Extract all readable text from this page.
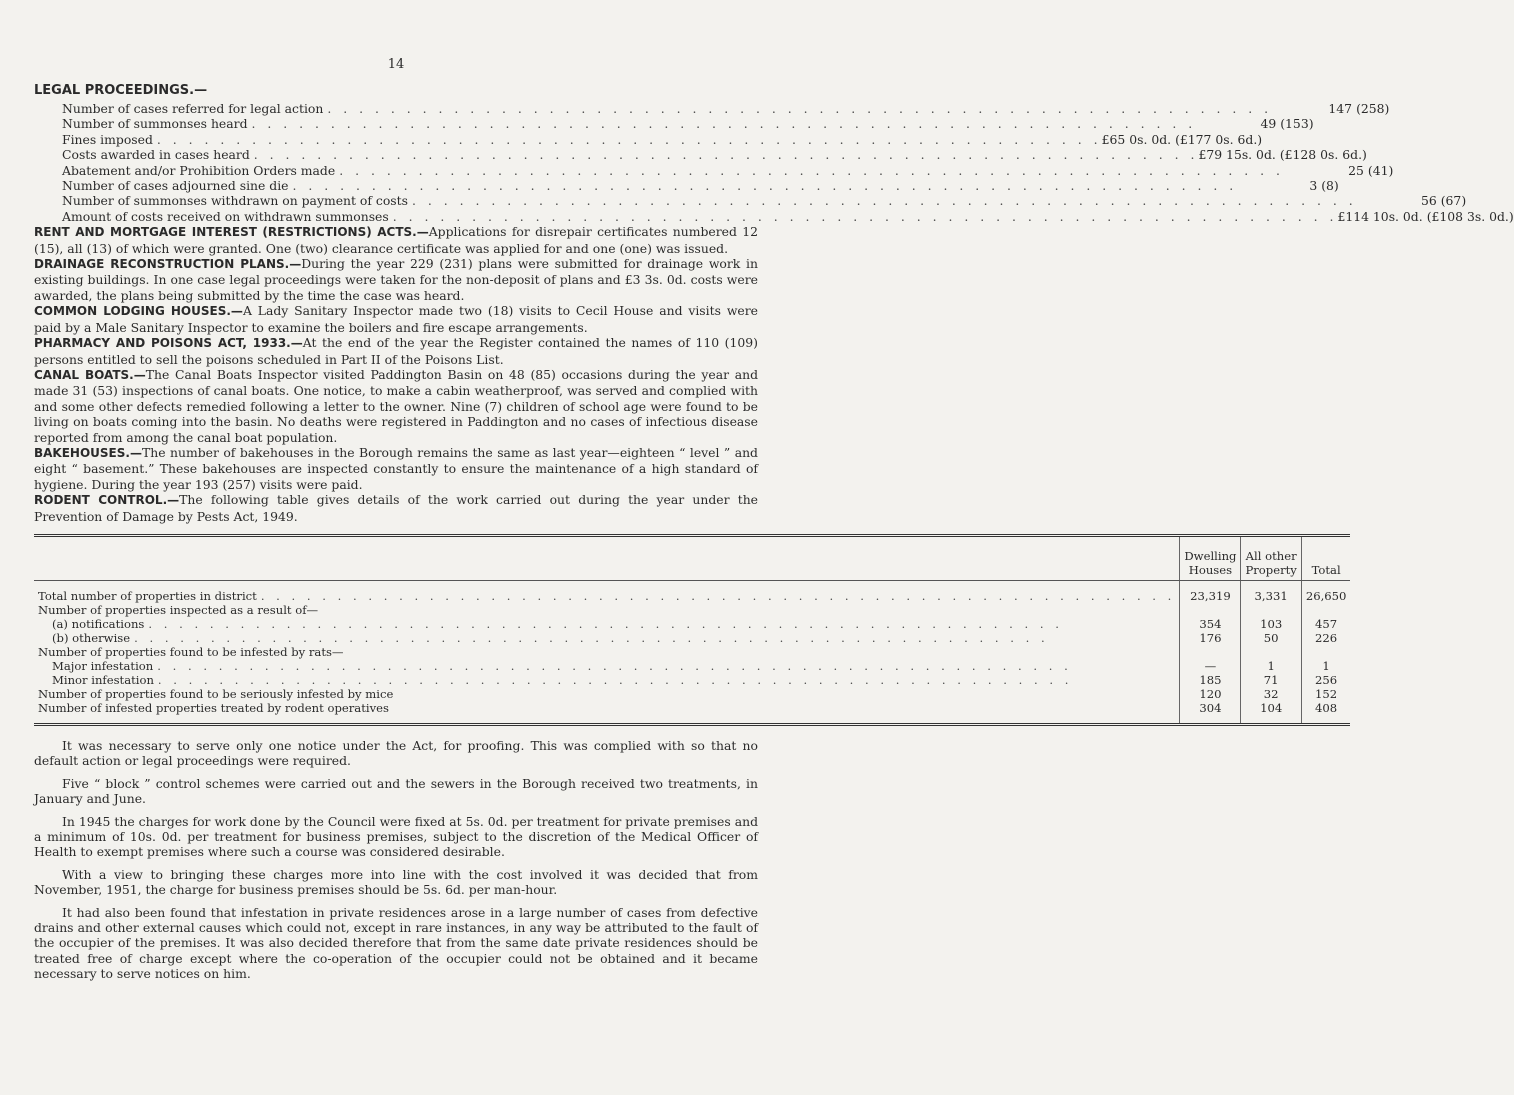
14
LEGAL PROCEEDINGS.—
Number of cases referred for legal action . . . . . . . . . . . . . . . . . . . . . . . . . . . . . . . . . . . . . . . . . . . . . . . . . . . . . . . . . . . .	147 (258)
Number of summonses heard . . . . . . . . . . . . . . . . . . . . . . . . . . . . . . . . . . . . . . . . . . . . . . . . . . . . . . . . . . . .	49 (153)
Fines imposed . . . . . . . . . . . . . . . . . . . . . . . . . . . . . . . . . . . . . . . . . . . . . . . . . . . . . . . . . . . . £65 0s. 0d. (£177 0s. 6d.)
Costs awarded in cases heard . . . . . . . . . . . . . . . . . . . . . . . . . . . . . . . . . . . . . . . . . . . . . . . . . . . . . . . . . . . . £79 15s. 0d. (£128 0s. 6d.)
Abatement and/or Prohibition Orders made . . . . . . . . . . . . . . . . . . . . . . . . . . . . . . . . . . . . . . . . . . . . . . . . . . . . . . . . . . . .	25 (41)
Number of cases adjourned sine die . . . . . . . . . . . . . . . . . . . . . . . . . . . . . . . . . . . . . . . . . . . . . . . . . . . . . . . . . . . .	3 (8)
Number of summonses withdrawn on payment of costs . . . . . . . . . . . . . . . . . . . . . . . . . . . . . . . . . . . . . . . . . . . . . . . . . . . . . . . . . . . .	56 (67)
Amount of costs received on withdrawn summonses . . . . . . . . . . . . . . . . . . . . . . . . . . . . . . . . . . . . . . . . . . . . . . . . . . . . . . . . . . . . £114 10s. 0d. (£108 3s. 0d.)

RENT AND MORTGAGE INTEREST (RESTRICTIONS) ACTS.—Applications for disrepair certificates numbered 12 (15), all (13) of which were granted. One (two) clearance certificate was applied for and one (one) was issued.

DRAINAGE RECONSTRUCTION PLANS.—During the year 229 (231) plans were submitted for drainage work in existing buildings. In one case legal proceedings were taken for the non-deposit of plans and £3 3s. 0d. costs were awarded, the plans being submitted by the time the case was heard.

COMMON LODGING HOUSES.—A Lady Sanitary Inspector made two (18) visits to Cecil House and visits were paid by a Male Sanitary Inspector to examine the boilers and fire escape arrangements.

PHARMACY AND POISONS ACT, 1933.—At the end of the year the Register contained the names of 110 (109) persons entitled to sell the poisons scheduled in Part II of the Poisons List.

CANAL BOATS.—The Canal Boats Inspector visited Paddington Basin on 48 (85) occasions during the year and made 31 (53) inspections of canal boats. One notice, to make a cabin weatherproof, was served and complied with and some other defects remedied following a letter to the owner. Nine (7) children of school age were found to be living on boats coming into the basin. No deaths were registered in Paddington and no cases of infectious disease reported from among the canal boat population.

BAKEHOUSES.—The number of bakehouses in the Borough remains the same as last year—eighteen “ level ” and eight “ basement.” These bakehouses are inspected constantly to ensure the maintenance of a high standard of hygiene. During the year 193 (257) visits were paid.

RODENT CONTROL.—The following table gives details of the work carried out during the year under the Prevention of Damage by Pests Act, 1949.

	Dwelling Houses	All other Property	Total

Total number of properties in district . . . . . . . . . . . . . . . . . . . . . . . . . . . . . . . . . . . . . . . . . . . . . . . . . . . . . . . . . . . .	23,319	3,331	26,650

Number of properties inspected as a result of—			

(a) notifications . . . . . . . . . . . . . . . . . . . . . . . . . . . . . . . . . . . . . . . . . . . . . . . . . . . . . . . . . . . .	354	103	457

(b) otherwise . . . . . . . . . . . . . . . . . . . . . . . . . . . . . . . . . . . . . . . . . . . . . . . . . . . . . . . . . . . .	176	50	226

Number of properties found to be infested by rats—			

Major infestation . . . . . . . . . . . . . . . . . . . . . . . . . . . . . . . . . . . . . . . . . . . . . . . . . . . . . . . . . . . .	—	1	1

Minor infestation . . . . . . . . . . . . . . . . . . . . . . . . . . . . . . . . . . . . . . . . . . . . . . . . . . . . . . . . . . . .	185	71	256

Number of properties found to be seriously infested by mice	120	32	152

Number of infested properties treated by rodent operatives	304	104	408

It was necessary to serve only one notice under the Act, for proofing. This was complied with so that no default action or legal proceedings were required.

Five “ block ” control schemes were carried out and the sewers in the Borough received two treatments, in January and June.

In 1945 the charges for work done by the Council were fixed at 5s. 0d. per treatment for private premises and a minimum of 10s. 0d. per treatment for business premises, subject to the discretion of the Medical Officer of Health to exempt premises where such a course was considered desirable.

With a view to bringing these charges more into line with the cost involved it was decided that from November, 1951, the charge for business premises should be 5s. 6d. per man-hour.

It had also been found that infestation in private residences arose in a large number of cases from defective drains and other external causes which could not, except in rare instances, in any way be attributed to the fault of the occupier of the premises. It was also decided therefore that from the same date private residences should be treated free of charge except where the co-operation of the occupier could not be obtained and it became necessary to serve notices on him.
